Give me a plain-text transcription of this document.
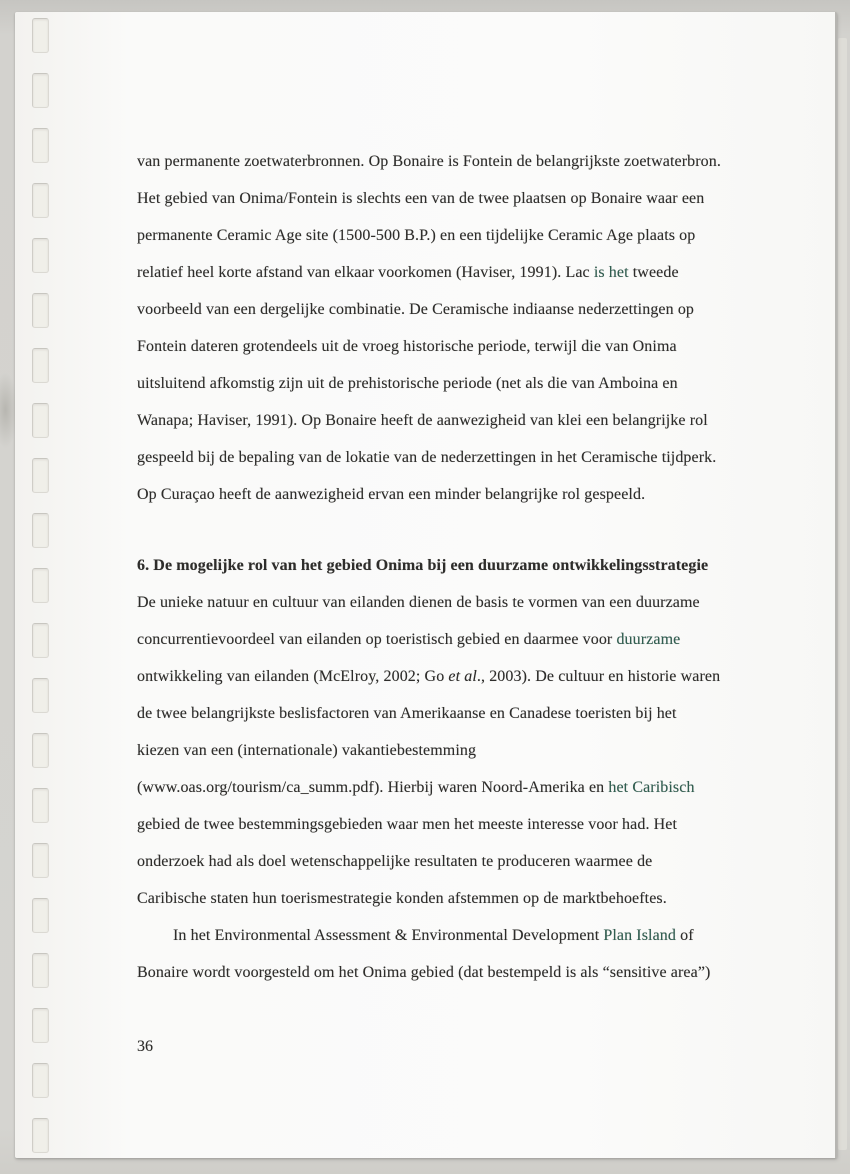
van permanente zoetwaterbronnen. Op Bonaire is Fontein de belangrijkste zoetwaterbron.
Het gebied van Onima/Fontein is slechts een van de twee plaatsen op Bonaire waar een
permanente Ceramic Age site (1500-500 B.P.) en een tijdelijke Ceramic Age plaats op
relatief heel korte afstand van elkaar voorkomen (Haviser, 1991). Lac is het tweede
voorbeeld van een dergelijke combinatie. De Ceramische indiaanse nederzettingen op
Fontein dateren grotendeels uit de vroeg historische periode, terwijl die van Onima
uitsluitend afkomstig zijn uit de prehistorische periode (net als die van Amboina en
Wanapa; Haviser, 1991). Op Bonaire heeft de aanwezigheid van klei een belangrijke rol
gespeeld bij de bepaling van de lokatie van de nederzettingen in het Ceramische tijdperk.
Op Curaçao heeft de aanwezigheid ervan een minder belangrijke rol gespeeld.
6. De mogelijke rol van het gebied Onima bij een duurzame ontwikkelingsstrategie
De unieke natuur en cultuur van eilanden dienen de basis te vormen van een duurzame
concurrentievoordeel van eilanden op toeristisch gebied en daarmee voor duurzame
ontwikkeling van eilanden (McElroy, 2002; Go et al., 2003). De cultuur en historie waren
de twee belangrijkste beslisfactoren van Amerikaanse en Canadese toeristen bij het
kiezen van een (internationale) vakantiebestemming
(www.oas.org/tourism/ca_summ.pdf). Hierbij waren Noord-Amerika en het Caribisch
gebied de twee bestemmingsgebieden waar men het meeste interesse voor had. Het
onderzoek had als doel wetenschappelijke resultaten te produceren waarmee de
Caribische staten hun toerismestrategie konden afstemmen op de marktbehoeftes.
In het Environmental Assessment & Environmental Development Plan Island of
Bonaire wordt voorgesteld om het Onima gebied (dat bestempeld is als “sensitive area”)
36
